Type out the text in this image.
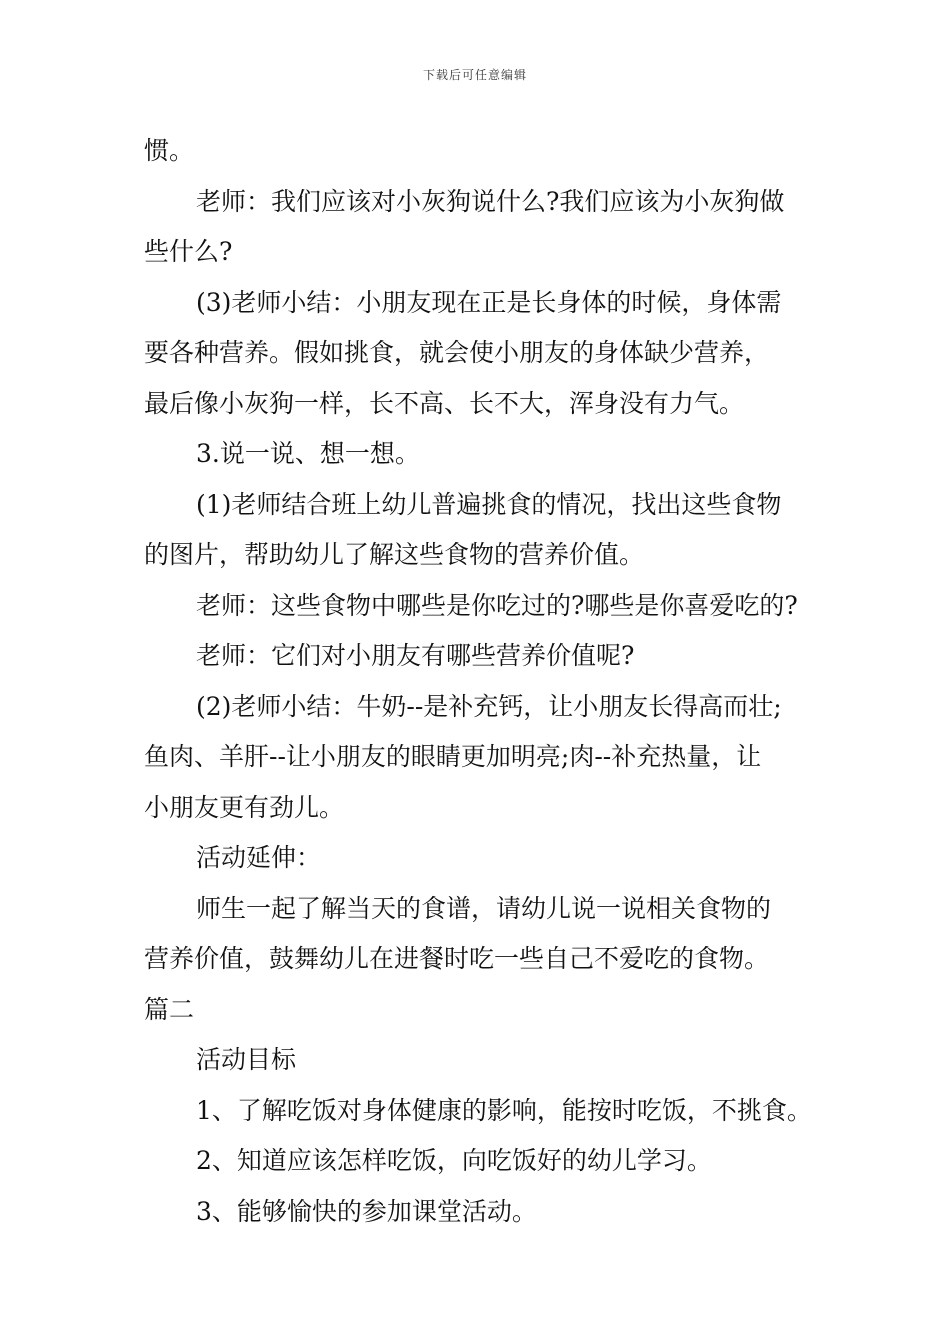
下载后可任意编辑

惯。

老师：我们应该对小灰狗说什么?我们应该为小灰狗做

些什么?

(3)老师小结：小朋友现在正是长身体的时候，身体需

要各种营养。假如挑食，就会使小朋友的身体缺少营养，

最后像小灰狗一样，长不高、长不大，浑身没有力气。

3.说一说、想一想。

(1)老师结合班上幼儿普遍挑食的情况，找出这些食物

的图片，帮助幼儿了解这些食物的营养价值。

老师：这些食物中哪些是你吃过的?哪些是你喜爱吃的?

老师：它们对小朋友有哪些营养价值呢?

(2)老师小结：牛奶--是补充钙，让小朋友长得高而壮;

鱼肉、羊肝--让小朋友的眼睛更加明亮;肉--补充热量，让

小朋友更有劲儿。

活动延伸：

师生一起了解当天的食谱，请幼儿说一说相关食物的

营养价值，鼓舞幼儿在进餐时吃一些自己不爱吃的食物。

篇二

活动目标

1、了解吃饭对身体健康的影响，能按时吃饭，不挑食。

2、知道应该怎样吃饭，向吃饭好的幼儿学习。

3、能够愉快的参加课堂活动。
